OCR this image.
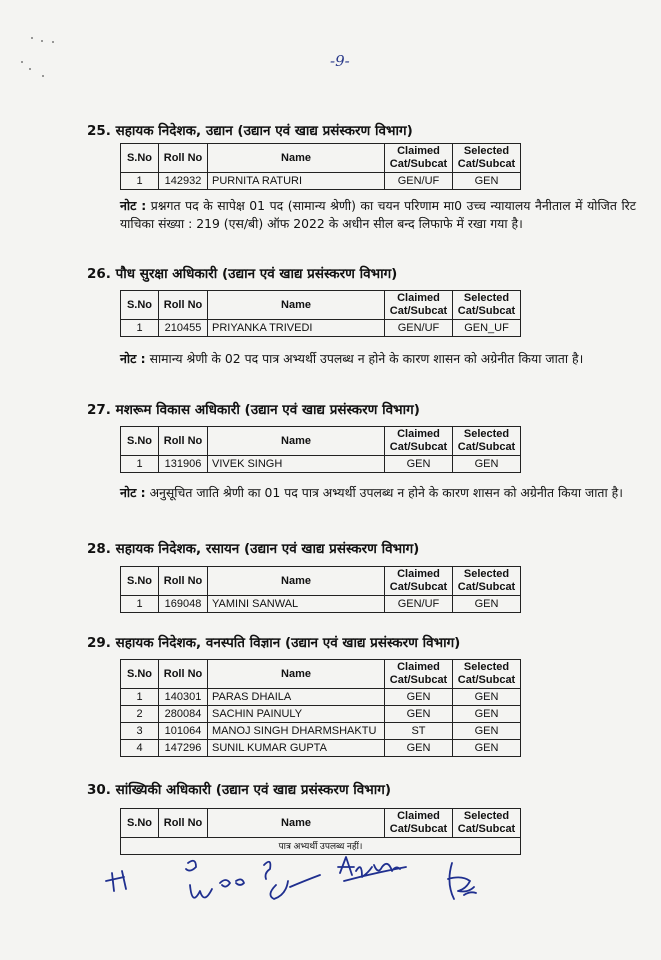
-9-
25. सहायक निदेशक, उद्यान (उद्यान एवं खाद्य प्रसंस्करण विभाग)
S.No	Roll No	Name	Claimed
Cat/Subcat	Selected
Cat/Subcat
1	142932	PURNITA RATURI	GEN/UF	GEN
नोट : प्रश्नगत पद के सापेक्ष 01 पद (सामान्य श्रेणी) का चयन परिणाम मा0 उच्च न्यायालय नैनीताल में योजित रिट याचिका संख्या : 219 (एस/बी) ऑफ 2022 के अधीन सील बन्द लिफाफे में रखा गया है।
26. पौध सुरक्षा अधिकारी (उद्यान एवं खाद्य प्रसंस्करण विभाग)
S.No	Roll No	Name	Claimed
Cat/Subcat	Selected
Cat/Subcat
1	210455	PRIYANKA TRIVEDI	GEN/UF	GEN_UF
नोट : सामान्य श्रेणी के 02 पद पात्र अभ्यर्थी उपलब्ध न होने के कारण शासन को अग्रेनीत किया जाता है।
27. मशरूम विकास अधिकारी (उद्यान एवं खाद्य प्रसंस्करण विभाग)
S.No	Roll No	Name	Claimed
Cat/Subcat	Selected
Cat/Subcat
1	131906	VIVEK SINGH	GEN	GEN
नोट : अनुसूचित जाति श्रेणी का 01 पद पात्र अभ्यर्थी उपलब्ध न होने के कारण शासन को अग्रेनीत किया जाता है।
28. सहायक निदेशक, रसायन (उद्यान एवं खाद्य प्रसंस्करण विभाग)
S.No	Roll No	Name	Claimed
Cat/Subcat	Selected
Cat/Subcat
1	169048	YAMINI SANWAL	GEN/UF	GEN
29. सहायक निदेशक, वनस्पति विज्ञान (उद्यान एवं खाद्य प्रसंस्करण विभाग)
S.No	Roll No	Name	Claimed
Cat/Subcat	Selected
Cat/Subcat
1	140301	PARAS DHAILA	GEN	GEN
2	280084	SACHIN PAINULY	GEN	GEN
3	101064	MANOJ SINGH DHARMSHAKTU	ST	GEN
4	147296	SUNIL KUMAR GUPTA	GEN	GEN
30. सांख्यिकी अधिकारी (उद्यान एवं खाद्य प्रसंस्करण विभाग)
S.No	Roll No	Name	Claimed
Cat/Subcat	Selected
Cat/Subcat
पात्र अभ्यर्थी उपलब्ध नहीं।
